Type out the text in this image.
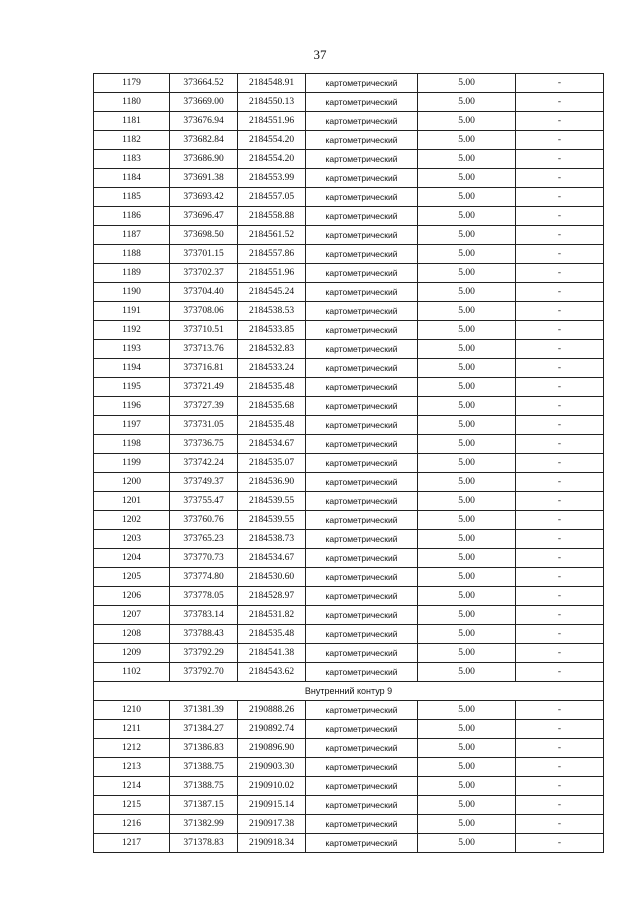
37
1179	373664.52	2184548.91	картометрический	5.00	-
1180	373669.00	2184550.13	картометрический	5.00	-
1181	373676.94	2184551.96	картометрический	5.00	-
1182	373682.84	2184554.20	картометрический	5.00	-
1183	373686.90	2184554.20	картометрический	5.00	-
1184	373691.38	2184553.99	картометрический	5.00	-
1185	373693.42	2184557.05	картометрический	5.00	-
1186	373696.47	2184558.88	картометрический	5.00	-
1187	373698.50	2184561.52	картометрический	5.00	-
1188	373701.15	2184557.86	картометрический	5.00	-
1189	373702.37	2184551.96	картометрический	5.00	-
1190	373704.40	2184545.24	картометрический	5.00	-
1191	373708.06	2184538.53	картометрический	5.00	-
1192	373710.51	2184533.85	картометрический	5.00	-
1193	373713.76	2184532.83	картометрический	5.00	-
1194	373716.81	2184533.24	картометрический	5.00	-
1195	373721.49	2184535.48	картометрический	5.00	-
1196	373727.39	2184535.68	картометрический	5.00	-
1197	373731.05	2184535.48	картометрический	5.00	-
1198	373736.75	2184534.67	картометрический	5.00	-
1199	373742.24	2184535.07	картометрический	5.00	-
1200	373749.37	2184536.90	картометрический	5.00	-
1201	373755.47	2184539.55	картометрический	5.00	-
1202	373760.76	2184539.55	картометрический	5.00	-
1203	373765.23	2184538.73	картометрический	5.00	-
1204	373770.73	2184534.67	картометрический	5.00	-
1205	373774.80	2184530.60	картометрический	5.00	-
1206	373778.05	2184528.97	картометрический	5.00	-
1207	373783.14	2184531.82	картометрический	5.00	-
1208	373788.43	2184535.48	картометрический	5.00	-
1209	373792.29	2184541.38	картометрический	5.00	-
1102	373792.70	2184543.62	картометрический	5.00	-
Внутренний контур 9					
1210	371381.39	2190888.26	картометрический	5.00	-
1211	371384.27	2190892.74	картометрический	5.00	-
1212	371386.83	2190896.90	картометрический	5.00	-
1213	371388.75	2190903.30	картометрический	5.00	-
1214	371388.75	2190910.02	картометрический	5.00	-
1215	371387.15	2190915.14	картометрический	5.00	-
1216	371382.99	2190917.38	картометрический	5.00	-
1217	371378.83	2190918.34	картометрический	5.00	-
